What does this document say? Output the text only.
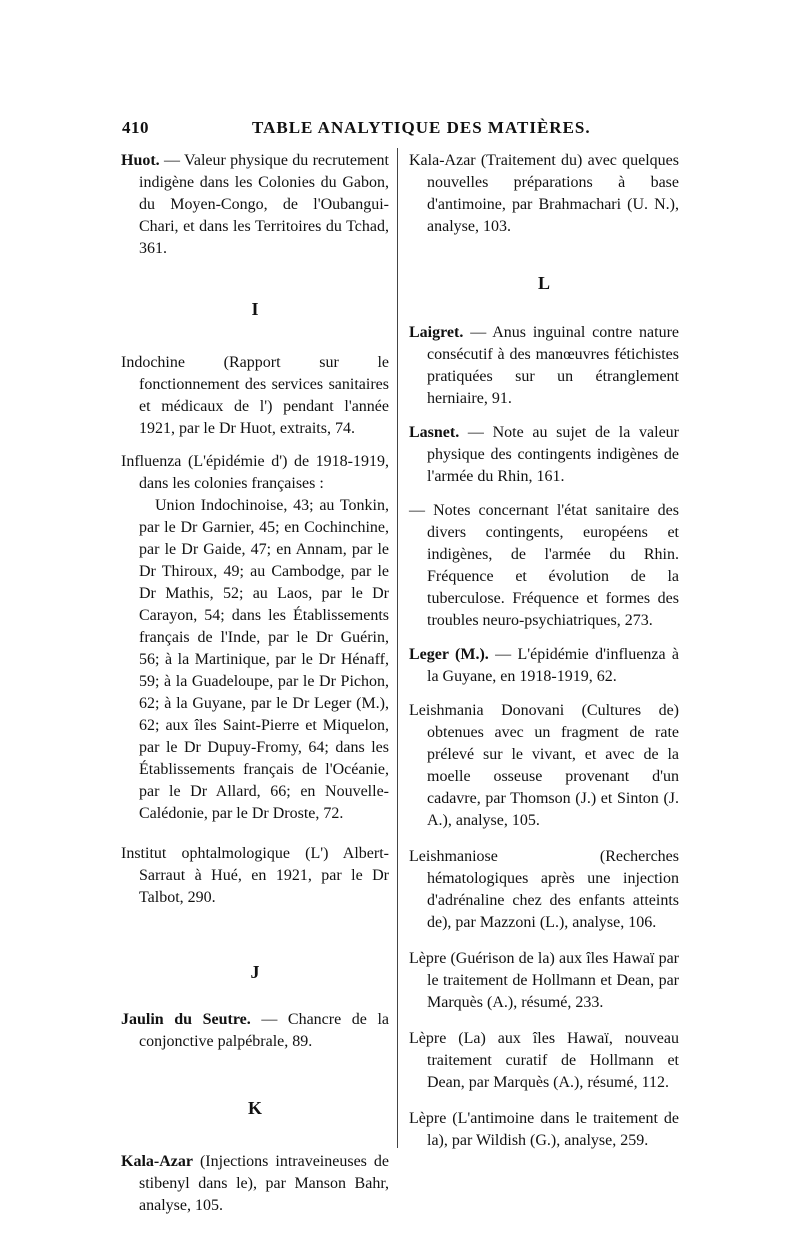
410	TABLE ANALYTIQUE DES MATIÈRES.

Huot. — Valeur physique du recrutement indigène dans les Colonies du Gabon, du Moyen-Congo, de l'Oubangui-Chari, et dans les Territoires du Tchad, 361.

I

Indochine (Rapport sur le fonctionnement des services sanitaires et médicaux de l') pendant l'année 1921, par le Dr Huot, extraits, 74.

Influenza (L'épidémie d') de 1918-1919, dans les colonies françaises :

Union Indochinoise, 43; au Tonkin, par le Dr Garnier, 45; en Cochinchine, par le Dr Gaide, 47; en Annam, par le Dr Thiroux, 49; au Cambodge, par le Dr Mathis, 52; au Laos, par le Dr Carayon, 54; dans les Établissements français de l'Inde, par le Dr Guérin, 56; à la Martinique, par le Dr Hénaff, 59; à la Guadeloupe, par le Dr Pichon, 62; à la Guyane, par le Dr Leger (M.), 62; aux îles Saint-Pierre et Miquelon, par le Dr Dupuy-Fromy, 64; dans les Établissements français de l'Océanie, par le Dr Allard, 66; en Nouvelle-Calédonie, par le Dr Droste, 72.

Institut ophtalmologique (L') Albert-Sarraut à Hué, en 1921, par le Dr Talbot, 290.

J

Jaulin du Seutre. — Chancre de la conjonctive palpébrale, 89.

K

Kala-Azar (Injections intraveineuses de stibenyl dans le), par Manson Bahr, analyse, 105.

Kala-Azar (Traitement du) avec quelques nouvelles préparations à base d'antimoine, par Brahmachari (U. N.), analyse, 103.

L

Laigret. — Anus inguinal contre nature consécutif à des manœuvres fétichistes pratiquées sur un étranglement herniaire, 91.

Lasnet. — Note au sujet de la valeur physique des contingents indigènes de l'armée du Rhin, 161.

— Notes concernant l'état sanitaire des divers contingents, européens et indigènes, de l'armée du Rhin. Fréquence et évolution de la tuberculose. Fréquence et formes des troubles neuro-psychiatriques, 273.

Leger (M.). — L'épidémie d'influenza à la Guyane, en 1918-1919, 62.

Leishmania Donovani (Cultures de) obtenues avec un fragment de rate prélevé sur le vivant, et avec de la moelle osseuse provenant d'un cadavre, par Thomson (J.) et Sinton (J. A.), analyse, 105.

Leishmaniose (Recherches hématologiques après une injection d'adrénaline chez des enfants atteints de), par Mazzoni (L.), analyse, 106.

Lèpre (Guérison de la) aux îles Hawaï par le traitement de Hollmann et Dean, par Marquès (A.), résumé, 233.

Lèpre (La) aux îles Hawaï, nouveau traitement curatif de Hollmann et Dean, par Marquès (A.), résumé, 112.

Lèpre (L'antimoine dans le traitement de la), par Wildish (G.), analyse, 259.
